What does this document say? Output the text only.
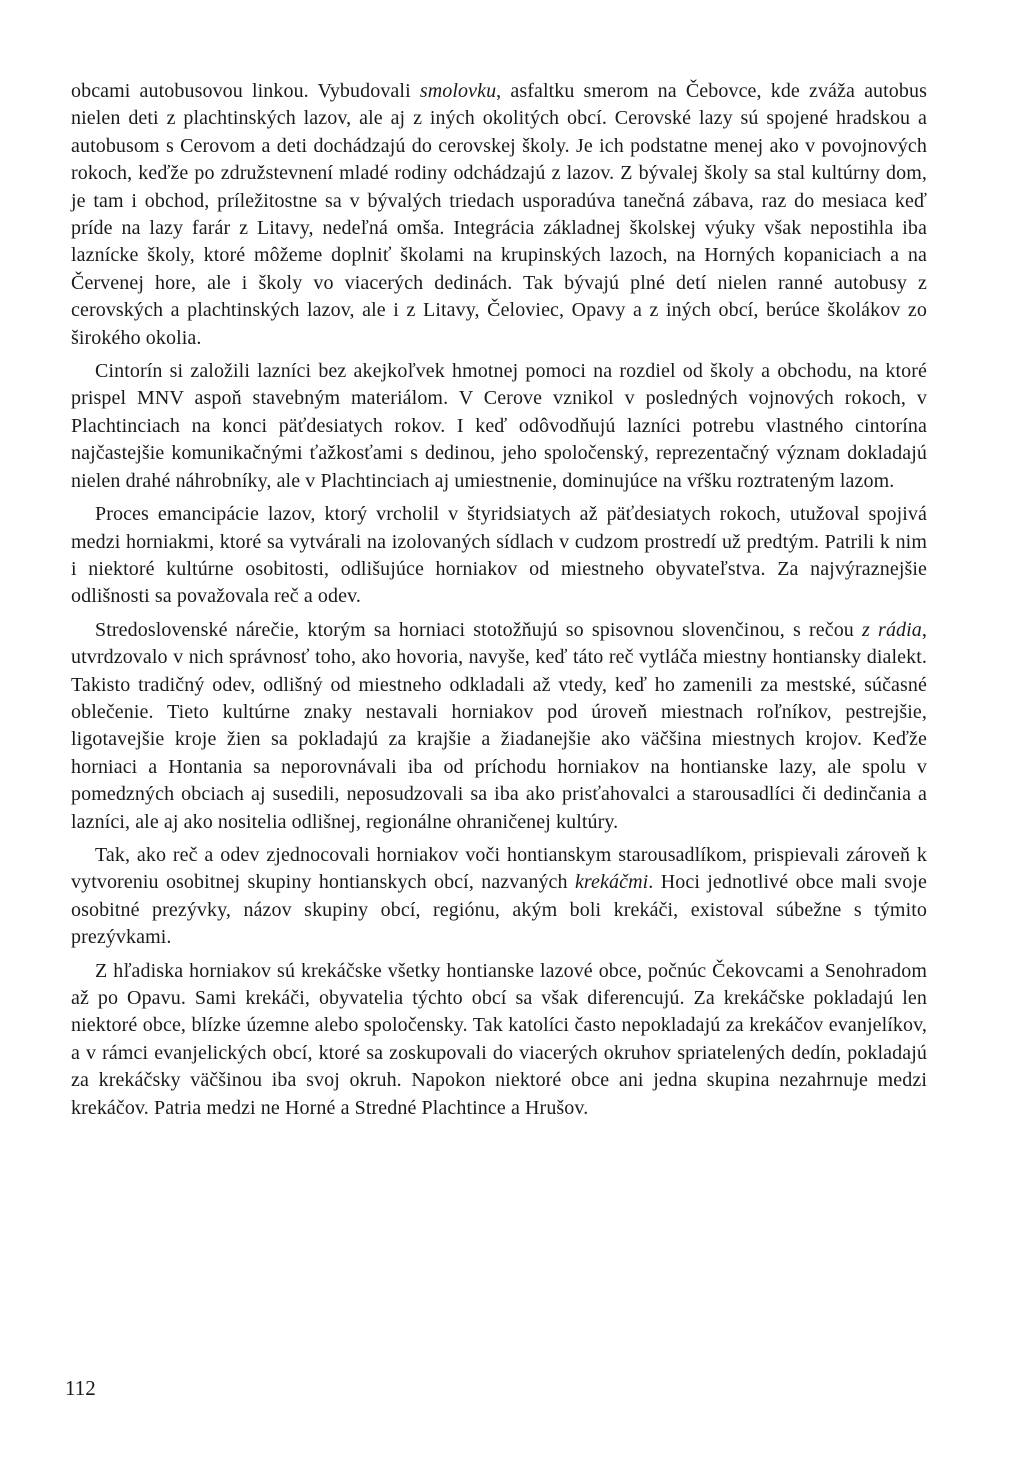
obcami autobusovou linkou. Vybudovali smolovku, asfaltku smerom na Čebovce, kde zváža autobus nielen deti z plachtinských lazov, ale aj z iných okolitých obcí. Cerovské lazy sú spojené hradskou a autobusom s Cerovom a deti dochádzajú do cerovskej školy. Je ich podstatne menej ako v povojnových rokoch, keďže po združstevnení mladé rodiny odchádzajú z lazov. Z bývalej školy sa stal kultúrny dom, je tam i obchod, príležitostne sa v bývalých triedach usporadúva tanečná zábava, raz do mesiaca keď príde na lazy farár z Litavy, nedeľná omša. Integrácia základnej školskej výuky však nepostihla iba laznícke školy, ktoré môžeme doplniť školami na krupinských lazoch, na Horných kopaniciach a na Červenej hore, ale i školy vo viacerých dedinách. Tak bývajú plné detí nielen ranné autobusy z cerovských a plachtinských lazov, ale i z Litavy, Čeloviec, Opavy a z iných obcí, berúce školákov zo širokého okolia.

Cintorín si založili lazníci bez akejkoľvek hmotnej pomoci na rozdiel od školy a obchodu, na ktoré prispel MNV aspoň stavebným materiálom. V Cerove vznikol v posledných vojnových rokoch, v Plachtinciach na konci päťdesiatych rokov. I keď odôvodňujú lazníci potrebu vlastného cintorína najčastejšie komunikačnými ťažkosťami s dedinou, jeho spoločenský, reprezentačný význam dokladajú nielen drahé náhrobníky, ale v Plachtinciach aj umiestnenie, dominujúce na vŕšku roztrateným lazom.

Proces emancipácie lazov, ktorý vrcholil v štyridsiatych až päťdesiatych rokoch, utužoval spojivá medzi horniakmi, ktoré sa vytvárali na izolovaných sídlach v cudzom prostredí už predtým. Patrili k nim i niektoré kultúrne osobitosti, odlišujúce horniakov od miestneho obyvateľstva. Za najvýraznejšie odlišnosti sa považovala reč a odev.

Stredoslovenské nárečie, ktorým sa horniaci stotožňujú so spisovnou slovenčinou, s rečou z rádia, utvrdzovalo v nich správnosť toho, ako hovoria, navyše, keď táto reč vytláča miestny hontiansky dialekt. Takisto tradičný odev, odlišný od miestneho odkladali až vtedy, keď ho zamenili za mestské, súčasné oblečenie. Tieto kultúrne znaky nestavali horniakov pod úroveň miestnach roľníkov, pestrejšie, ligotavejšie kroje žien sa pokladajú za krajšie a žiadanejšie ako väčšina miestnych krojov. Keďže horniaci a Hontania sa neporovnávali iba od príchodu horniakov na hontianske lazy, ale spolu v pomedzných obciach aj susedili, neposudzovali sa iba ako prisťahovalci a starousadlíci či dedinčania a lazníci, ale aj ako nositelia odlišnej, regionálne ohraničenej kultúry.

Tak, ako reč a odev zjednocovali horniakov voči hontianskym starousadlíkom, prispievali zároveň k vytvoreniu osobitnej skupiny hontianskych obcí, nazvaných krekáčmi. Hoci jednotlivé obce mali svoje osobitné prezývky, názov skupiny obcí, regiónu, akým boli krekáči, existoval súbežne s týmito prezývkami.

Z hľadiska horniakov sú krekáčske všetky hontianske lazové obce, počnúc Čekovcami a Senohradom až po Opavu. Sami krekáči, obyvatelia týchto obcí sa však diferencujú. Za krekáčske pokladajú len niektoré obce, blízke územne alebo spoločensky. Tak katolíci často nepokladajú za krekáčov evanjelíkov, a v rámci evanjelických obcí, ktoré sa zoskupovali do viacerých okruhov spriatelených dedín, pokladajú za krekáčsky väčšinou iba svoj okruh. Napokon niektoré obce ani jedna skupina nezahrnuje medzi krekáčov. Patria medzi ne Horné a Stredné Plachtince a Hrušov.

112
